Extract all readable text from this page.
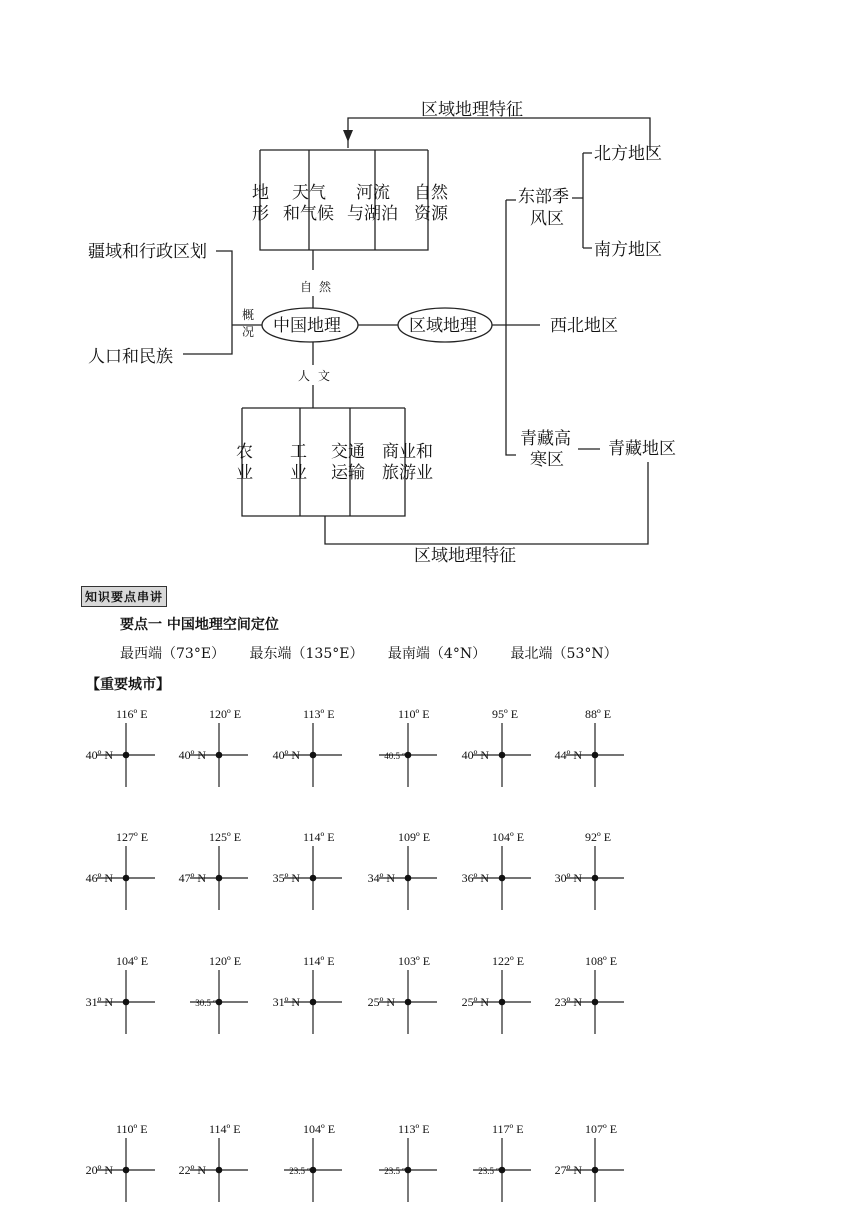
区域地理特征
地
形
天气
和气候
河流
与湖泊
自然
资源
自 然
中国地理	区域地理	西北地区
疆域和行政区划
人口和民族
概
况
人 文
农
业
工
业
交通
运输
商业和
旅游业
区域地理特征
东部季
风区
北方地区
南方地区
青藏高
寒区
青藏地区
知识要点串讲
要点一 中国地理空间定位
最西端（73°E） 最东端（135°E） 最南端（4°N） 最北端（53°N）
【重要城市】
116º E
40º N
120º E
40º N
113º E
40º N
110º E
40.5 º
95º E
40º N
88º E
44º N
127º E
46º N
125º E
47º N
114º E
35º N
109º E
34º N
104º E
36º N
92º E
30º N
104º E
31º N
120º E
30.5 º
114º E
31º N
103º E
25º N
122º E
25º N
108º E
23º N
110º E
20º N
114º E
22º N
104º E
23.5 º
113º E
23.5 º
117º E
23.5 º
107º E
27º N
